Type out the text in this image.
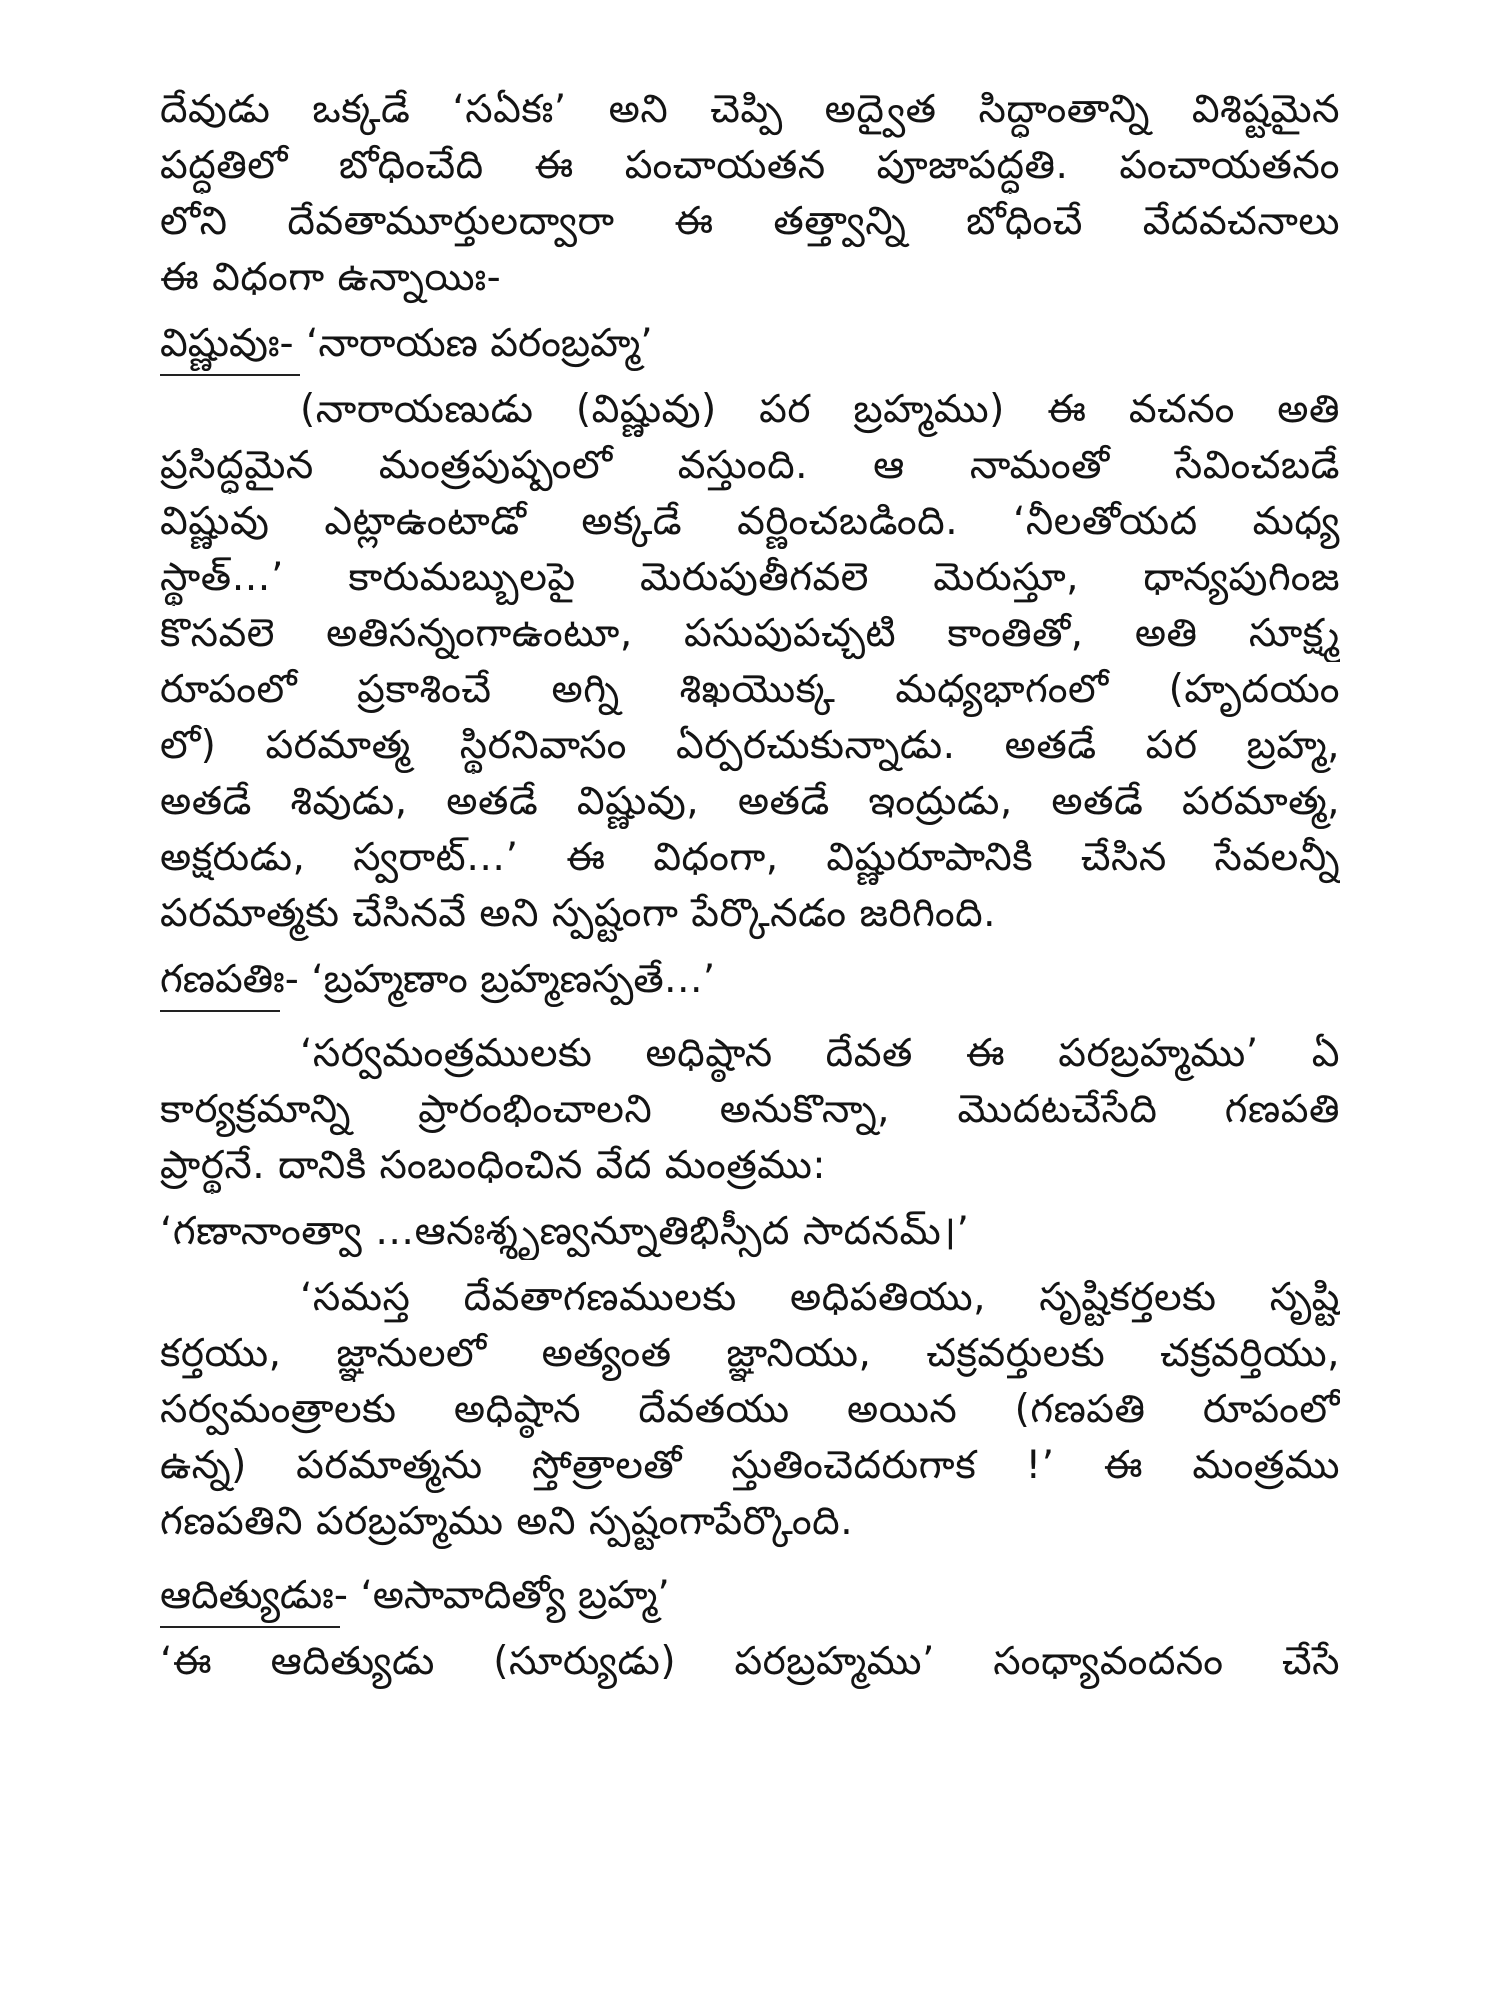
దేవుడు ఒక్కడే ‘సఏకః’ అని చెప్పి అద్వైత సిద్ధాంతాన్ని విశిష్టమైన
పద్ధతిలో బోధించేది ఈ పంచాయతన పూజాపద్ధతి. పంచాయతనం
లోని దేవతామూర్తులద్వారా ఈ తత్త్వాన్ని బోధించే వేదవచనాలు
ఈ విధంగా ఉన్నాయిః-
విష్ణువుః- ‘నారాయణ పరంబ్రహ్మ’
(నారాయణుడు (విష్ణువు) పర బ్రహ్మము) ఈ వచనం అతి
ప్రసిద్ధమైన మంత్రపుష్పంలో వస్తుంది. ఆ నామంతో సేవించబడే
విష్ణువు ఎట్లాఉంటాడో అక్కడే వర్ణించబడింది. ‘నీలతోయద మధ్య
స్థాత్…’ కారుమబ్బులపై మెరుపుతీగవలె మెరుస్తూ, ధాన్యపుగింజ
కొసవలె అతిసన్నంగాఉంటూ, పసుపుపచ్చటి కాంతితో, అతి సూక్ష్మ
రూపంలో ప్రకాశించే అగ్ని శిఖయొక్క మధ్యభాగంలో (హృదయం
లో) పరమాత్మ స్థిరనివాసం ఏర్పరచుకున్నాడు. అతడే పర బ్రహ్మ,
అతడే శివుడు, అతడే విష్ణువు, అతడే ఇంద్రుడు, అతడే పరమాత్మ,
అక్షరుడు, స్వరాట్…’ ఈ విధంగా, విష్ణురూపానికి చేసిన సేవలన్నీ
పరమాత్మకు చేసినవే అని స్పష్టంగా పేర్కొనడం జరిగింది.
గణపతిః- ‘బ్రహ్మణాం బ్రహ్మణస్పతే…’
‘సర్వమంత్రములకు అధిష్ఠాన దేవత ఈ పరబ్రహ్మము’ ఏ
కార్యక్రమాన్ని ప్రారంభించాలని అనుకొన్నా, మొదటచేసేది గణపతి
ప్రార్థనే. దానికి సంబంధించిన వేద మంత్రము:
‘గణానాంత్వా …ఆనఃశ్శృణ్వన్నూతిభిస్సీద సాదనమ్।’
‘సమస్త దేవతాగణములకు అధిపతియు, సృష్టికర్తలకు సృష్టి
కర్తయు, జ్ఞానులలో అత్యంత జ్ఞానియు, చక్రవర్తులకు చక్రవర్తియు,
సర్వమంత్రాలకు అధిష్ఠాన దేవతయు అయిన (గణపతి రూపంలో
ఉన్న) పరమాత్మను స్తోత్రాలతో స్తుతించెదరుగాక !’ ఈ మంత్రము
గణపతిని పరబ్రహ్మము అని స్పష్టంగాపేర్కొంది.
ఆదిత్యుడుః- ‘అసావాదిత్యో బ్రహ్మ’
‘ఈ ఆదిత్యుడు (సూర్యుడు) పరబ్రహ్మము’ సంధ్యావందనం చేసే
